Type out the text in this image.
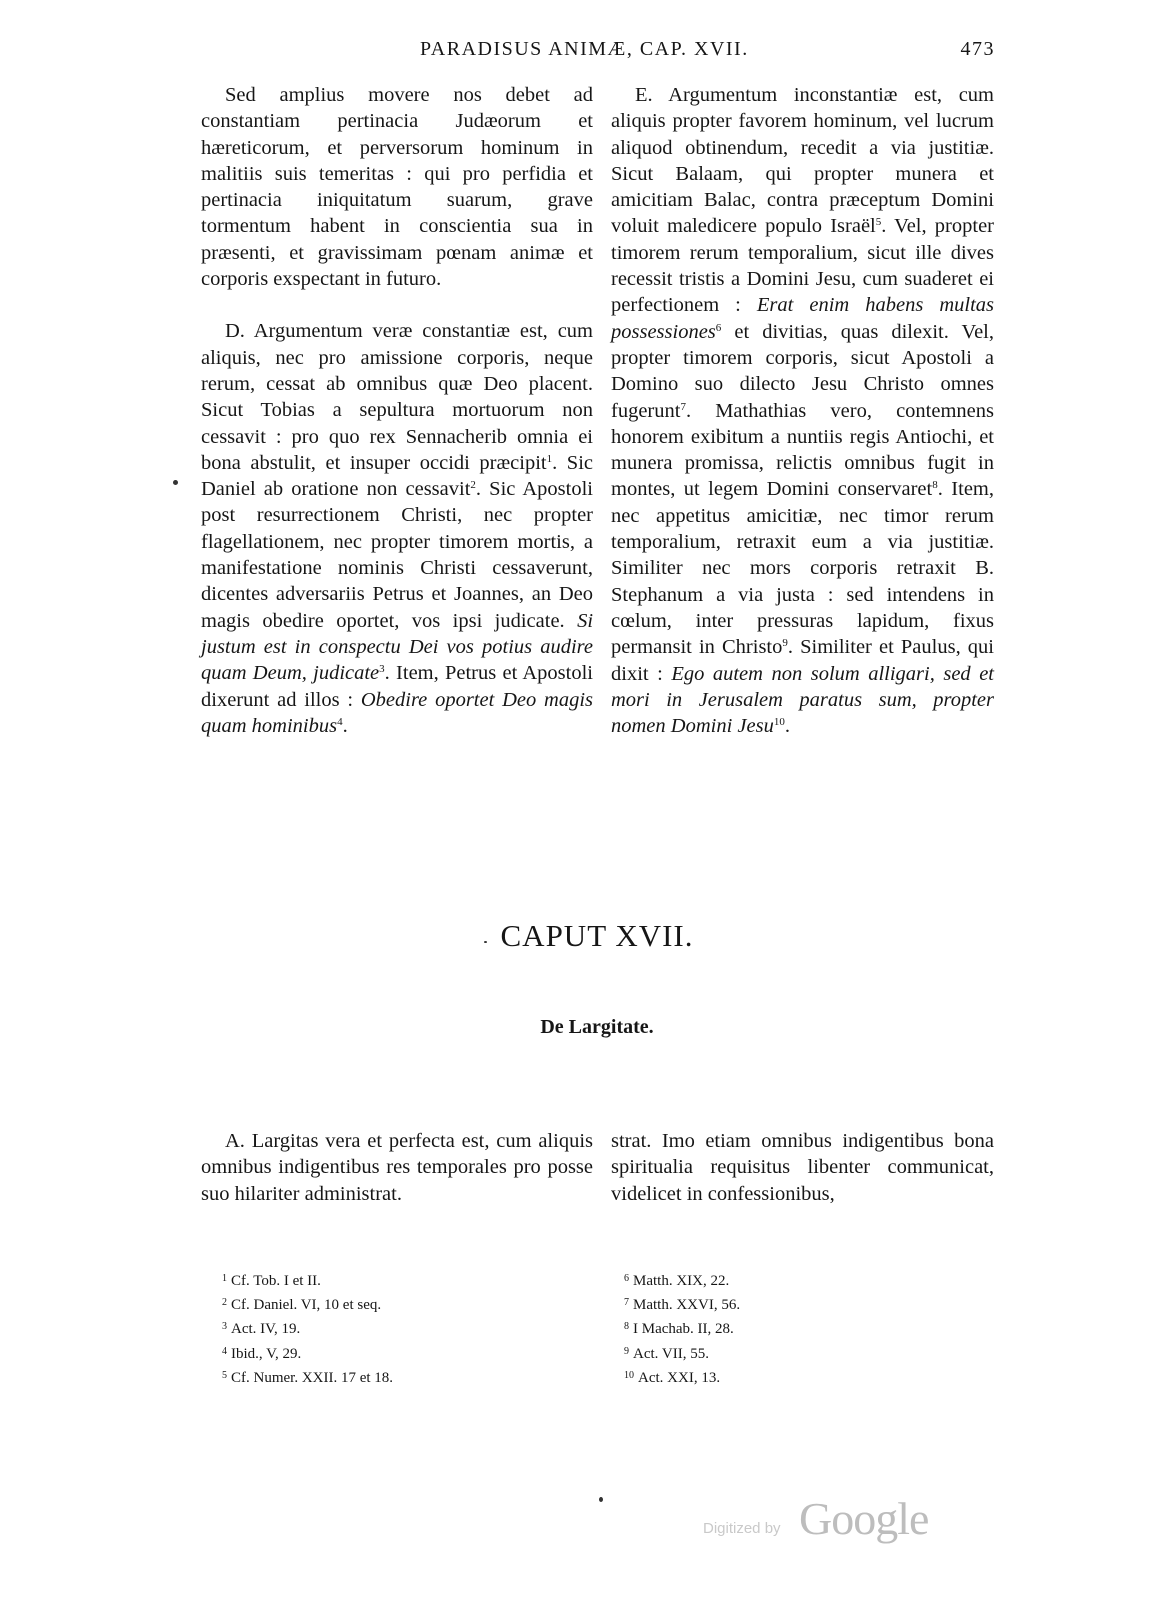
PARADISUS ANIMÆ, CAP. XVII.	473

Sed amplius movere nos debet ad constantiam pertinacia Judæorum et hæreticorum, et perversorum hominum in malitiis suis temeritas : qui pro perfidia et pertinacia iniquitatum suarum, grave tormentum habent in conscientia sua in præsenti, et gravissimam pœnam animæ et corporis exspectant in futuro.

D. Argumentum veræ constantiæ est, cum aliquis, nec pro amissione corporis, neque rerum, cessat ab omnibus quæ Deo placent. Sicut Tobias a sepultura mortuorum non cessavit : pro quo rex Sennacherib omnia ei bona abstulit, et insuper occidi præcipit$^1$. Sic Daniel ab oratione non cessavit$^2$. Sic Apostoli post resurrectionem Christi, nec propter flagellationem, nec propter timorem mortis, a manifestatione nominis Christi cessaverunt, dicentes adversariis Petrus et Joannes, an Deo magis obedire oportet, vos ipsi judicate. Si justum est in conspectu Dei vos potius audire quam Deum, judicate$^3$. Item, Petrus et Apostoli dixerunt ad illos : Obedire oportet Deo magis quam hominibus$^4$.

E. Argumentum inconstantiæ est, cum aliquis propter favorem hominum, vel lucrum aliquod obtinendum, recedit a via justitiæ. Sicut Balaam, qui propter munera et amicitiam Balac, contra præceptum Domini voluit maledicere populo Israël$^5$. Vel, propter timorem rerum temporalium, sicut ille dives recessit tristis a Domini Jesu, cum suaderet ei perfectionem : Erat enim habens multas possessiones$^6$ et divitias, quas dilexit. Vel, propter timorem corporis, sicut Apostoli a Domino suo dilecto Jesu Christo omnes fugerunt$^7$. Mathathias vero, contemnens honorem exibitum a nuntiis regis Antiochi, et munera promissa, relictis omnibus fugit in montes, ut legem Domini conservaret$^8$. Item, nec appetitus amicitiæ, nec timor rerum temporalium, retraxit eum a via justitiæ. Similiter nec mors corporis retraxit B. Stephanum a via justa : sed intendens in cœlum, inter pressuras lapidum, fixus permansit in Christo$^9$. Similiter et Paulus, qui dixit : Ego autem non solum alligari, sed et mori in Jerusalem paratus sum, propter nomen Domini Jesu$^{10}$.

CAPUT XVII.
De Largitate.

A. Largitas vera et perfecta est, cum aliquis omnibus indigentibus res temporales pro posse suo hilariter administrat.

strat. Imo etiam omnibus indigentibus bona spiritualia requisitus libenter communicat, videlicet in confessionibus,

$^1$ Cf. Tob. I et II.
$^2$ Cf. Daniel. VI, 10 et seq.
$^3$ Act. IV, 19.
$^4$ Ibid., V, 29.
$^5$ Cf. Numer. XXII. 17 et 18.
$^6$ Matth. XIX, 22.
$^7$ Matth. XXVI, 56.
$^8$ I Machab. II, 28.
$^9$ Act. VII, 55.
$^{10}$ Act. XXI, 13.
Digitized by Google
